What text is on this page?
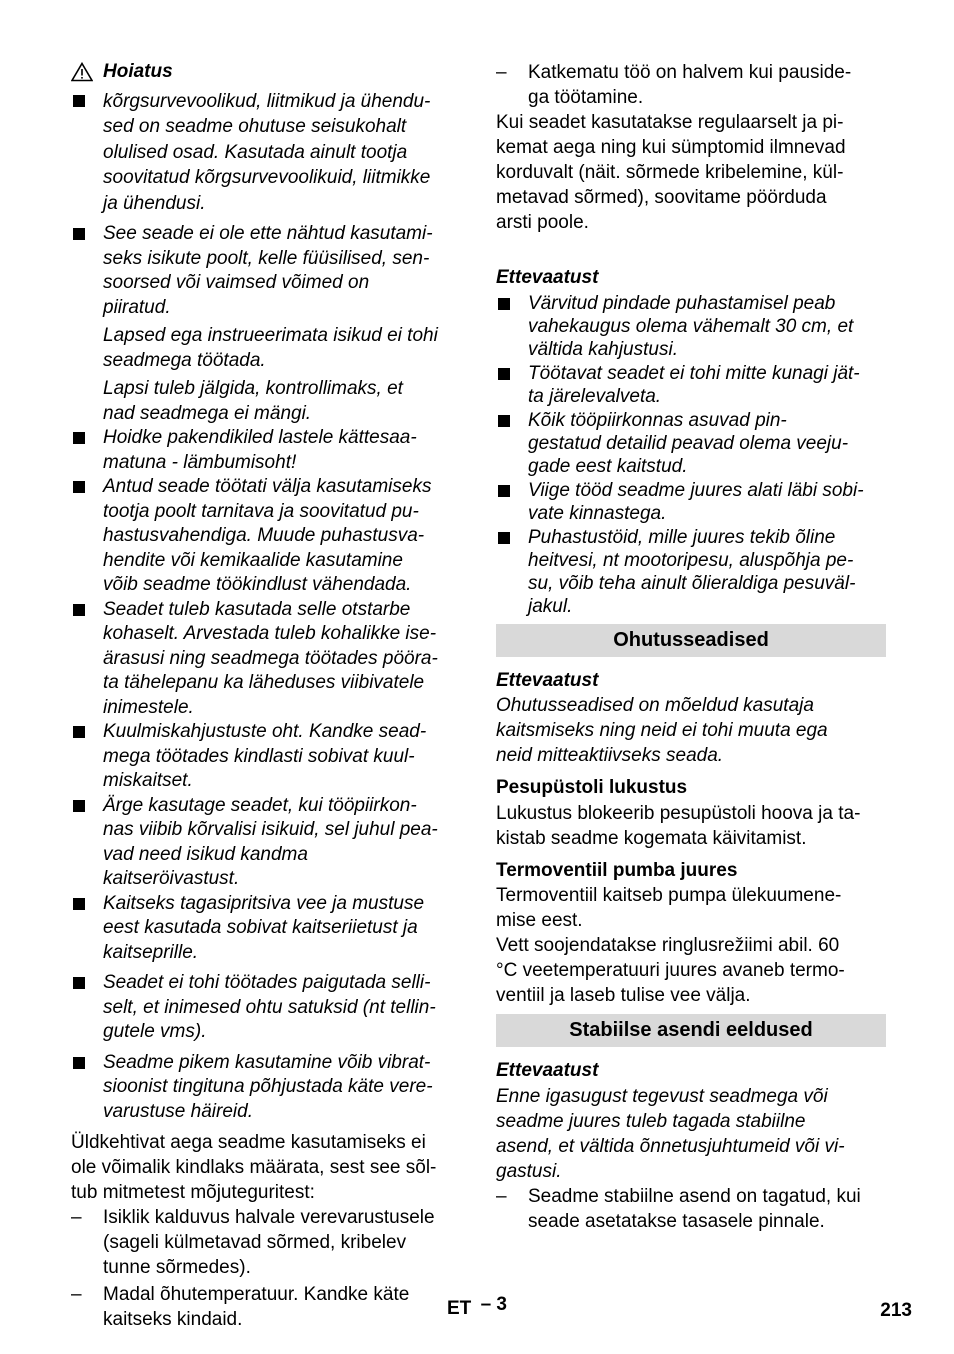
Hoiatus
kõrgsurvevoolikud, liitmikud ja ühendu-
sed on seadme ohutuse seisukohalt
olulised osad. Kasutada ainult tootja
soovitatud kõrgsurvevoolikuid, liitmikke
ja ühendusi.
See seade ei ole ette nähtud kasutami-
seks isikute poolt, kelle füüsilised, sen-
soorsed või vaimsed võimed on
piiratud.
Lapsed ega instrueerimata isikud ei tohi
seadmega töötada.
Lapsi tuleb jälgida, kontrollimaks, et
nad seadmega ei mängi.
Hoidke pakendikiled lastele kättesaa-
matuna - lämbumisoht!
Antud seade töötati välja kasutamiseks
tootja poolt tarnitava ja soovitatud pu-
hastusvahendiga. Muude puhastusva-
hendite või kemikaalide kasutamine
võib seadme töökindlust vähendada.
Seadet tuleb kasutada selle otstarbe
kohaselt. Arvestada tuleb kohalikke ise-
ärasusi ning seadmega töötades pööra-
ta tähelepanu ka läheduses viibivatele
inimestele.
Kuulmiskahjustuste oht. Kandke sead-
mega töötades kindlasti sobivat kuul-
miskaitset.
Ärge kasutage seadet, kui tööpiirkon-
nas viibib kõrvalisi isikuid, sel juhul pea-
vad need isikud kandma
kaitseröivastust.
Kaitseks tagasipritsiva vee ja mustuse
eest kasutada sobivat kaitseriietust ja
kaitseprille.
Seadet ei tohi töötades paigutada selli-
selt, et inimesed ohtu satuksid (nt tellin-
gutele vms).
Seadme pikem kasutamine võib vibrat-
sioonist tingituna põhjustada käte vere-
varustuse häireid.
Üldkehtivat aega seadme kasutamiseks ei
ole võimalik kindlaks määrata, sest see sõl-
tub mitmetest mõjuteguritest:
– Isiklik kalduvus halvale verevarustusele
(sageli külmetavad sõrmed, kribelev
tunne sõrmedes).
– Madal õhutemperatuur. Kandke käte
kaitseks kindaid.
– Katkematu töö on halvem kui pauside-
ga töötamine.
Kui seadet kasutatakse regulaarselt ja pi-
kemat aega ning kui sümptomid ilmnevad
korduvalt (näit. sõrmede kribelemine, kül-
metavad sõrmed), soovitame pöörduda
arsti poole.
Ettevaatust
Värvitud pindade puhastamisel peab
vahekaugus olema vähemalt 30 cm, et
vältida kahjustusi.
Töötavat seadet ei tohi mitte kunagi jät-
ta järelevalveta.
Kõik tööpiirkonnas asuvad pin-
gestatud detailid peavad olema veeju-
gade eest kaitstud.
Viige tööd seadme juures alati läbi sobi-
vate kinnastega.
Puhastustöid, mille juures tekib õline
heitvesi, nt mootoripesu, aluspõhja pe-
su, võib teha ainult õlieraldiga pesuväl-
jakul.
Ohutusseadised
Ettevaatust
Ohutusseadised on mõeldud kasutaja
kaitsmiseks ning neid ei tohi muuta ega
neid mitteaktiivseks seada.
Pesupüstoli lukustus
Lukustus blokeerib pesupüstoli hoova ja ta-
kistab seadme kogemata käivitamist.
Termoventiil pumba juures
Termoventiil kaitseb pumpa ülekuumene-
mise eest.
Vett soojendatakse ringlusrežiimi abil. 60
°C veetemperatuuri juures avaneb termo-
ventiil ja laseb tulise vee välja.
Stabiilse asendi eeldused
Ettevaatust
Enne igasugust tegevust seadmega või
seadme juures tuleb tagada stabiilne
asend, et vältida õnnetusjuhtumeid või vi-
gastusi.
– Seadme stabiilne asend on tagatud, kui
seade asetatakse tasasele pinnale.
ET – 3	213
